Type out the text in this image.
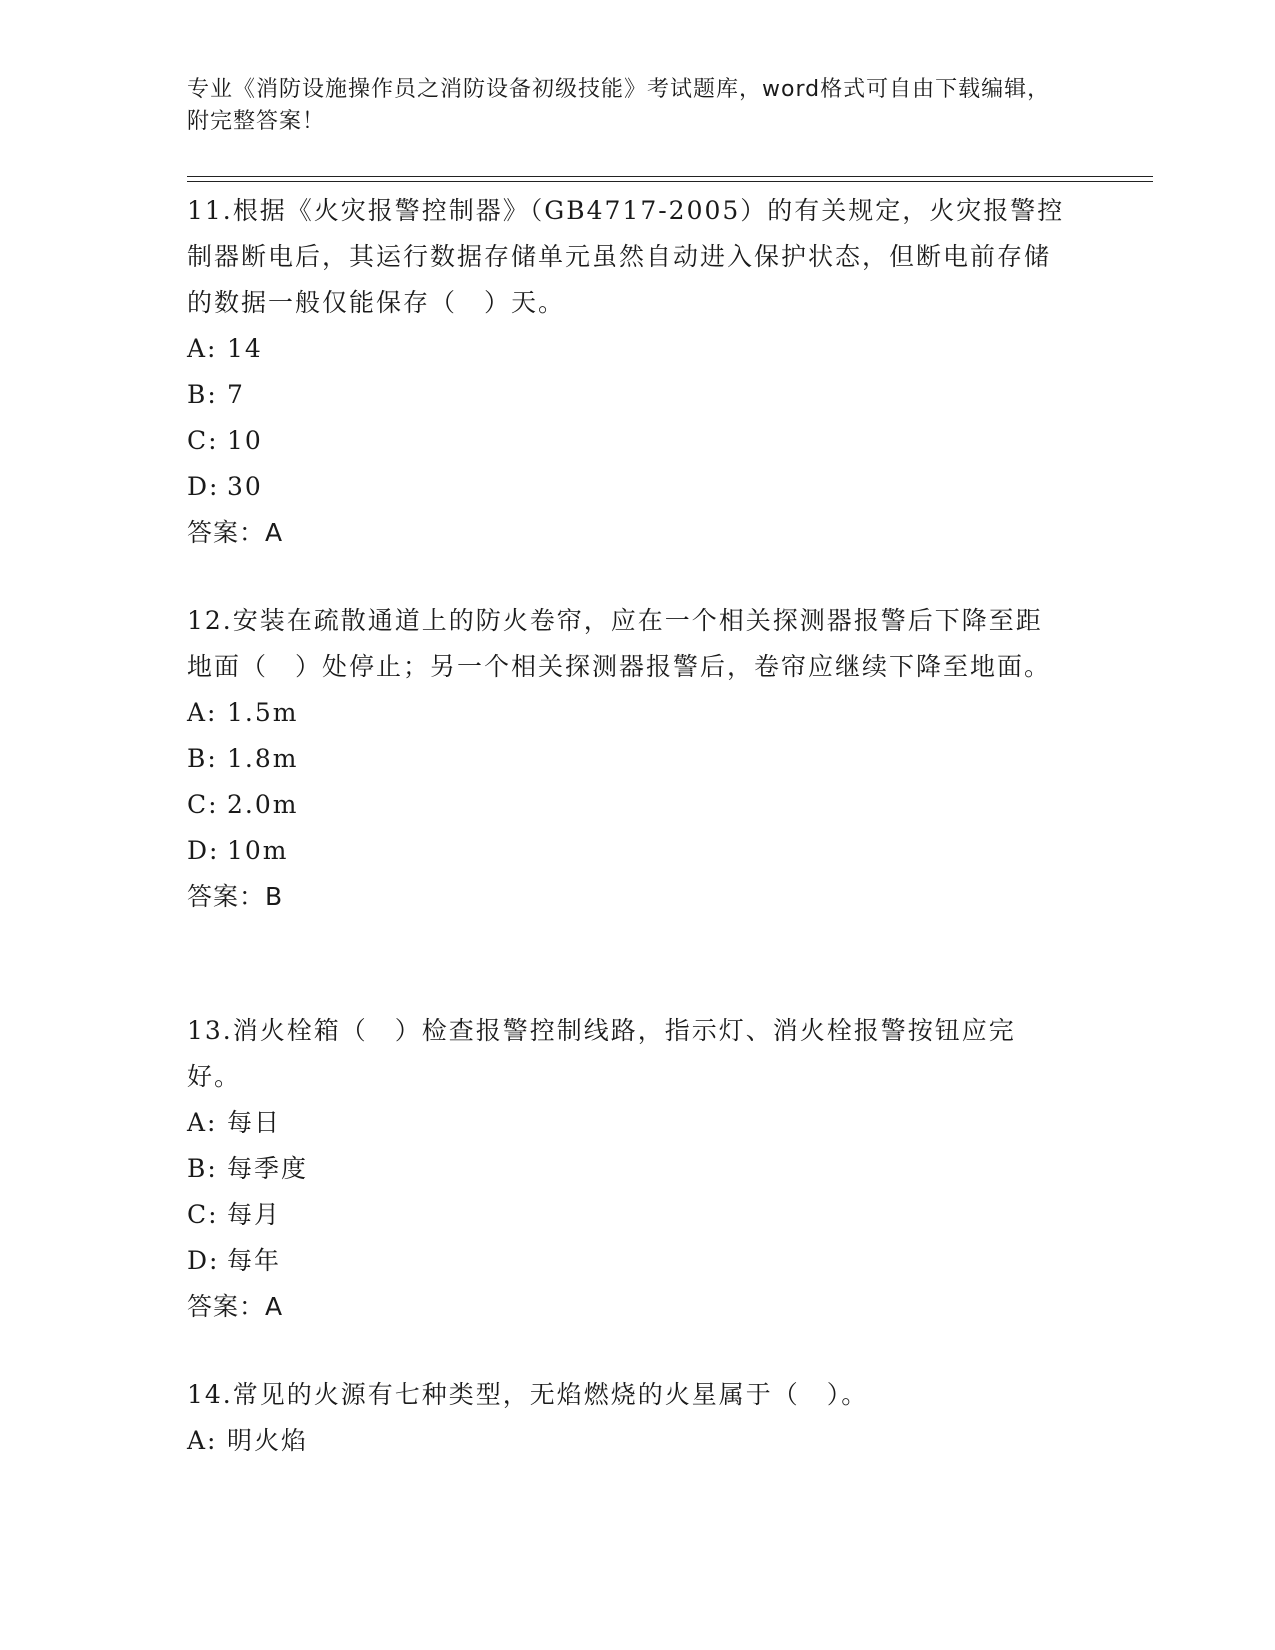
专业《消防设施操作员之消防设备初级技能》考试题库，word格式可自由下载编辑，附完整答案！

11.根据《火灾报警控制器》（GB4717-2005）的有关规定，火灾报警控制器断电后，其运行数据存储单元虽然自动进入保护状态，但断电前存储的数据一般仅能保存（　）天。

A: 14

B: 7

C: 10

D: 30

答案：A

12.安装在疏散通道上的防火卷帘，应在一个相关探测器报警后下降至距地面（　）处停止；另一个相关探测器报警后，卷帘应继续下降至地面。

A: 1.5m

B: 1.8m

C: 2.0m

D: 10m

答案：B

13.消火栓箱（　）检查报警控制线路，指示灯、消火栓报警按钮应完好。

A: 每日

B: 每季度

C: 每月

D: 每年

答案：A

14.常见的火源有七种类型，无焰燃烧的火星属于（　）。

A: 明火焰
